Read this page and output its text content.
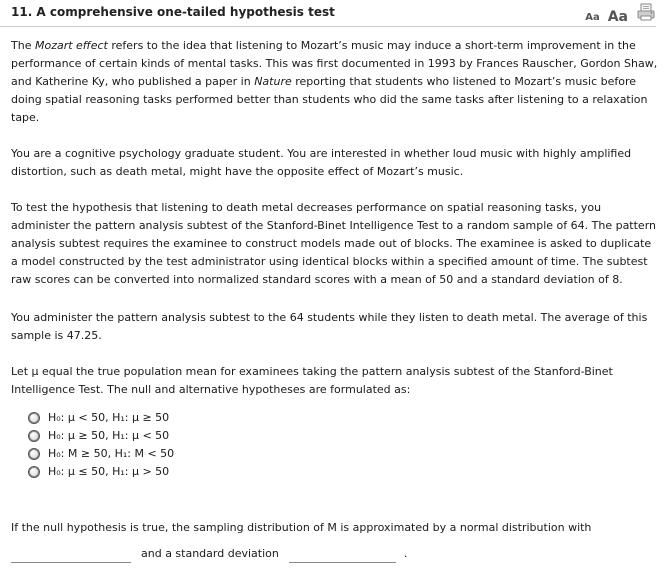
11. A comprehensive one-tailed hypothesis test	Aa Aa

The Mozart effect refers to the idea that listening to Mozart’s music may induce a short-term improvement in the performance of certain kinds of mental tasks. This was first documented in 1993 by Frances Rauscher, Gordon Shaw, and Katherine Ky, who published a paper in Nature reporting that students who listened to Mozart’s music before doing spatial reasoning tasks performed better than students who did the same tasks after listening to a relaxation tape.

You are a cognitive psychology graduate student. You are interested in whether loud music with highly amplified distortion, such as death metal, might have the opposite effect of Mozart’s music.

To test the hypothesis that listening to death metal decreases performance on spatial reasoning tasks, you administer the pattern analysis subtest of the Stanford-Binet Intelligence Test to a random sample of 64. The pattern analysis subtest requires the examinee to construct models made out of blocks. The examinee is asked to duplicate a model constructed by the test administrator using identical blocks within a specified amount of time. The subtest raw scores can be converted into normalized standard scores with a mean of 50 and a standard deviation of 8.

You administer the pattern analysis subtest to the 64 students while they listen to death metal. The average of this sample is 47.25.

Let μ equal the true population mean for examinees taking the pattern analysis subtest of the Stanford-Binet Intelligence Test. The null and alternative hypotheses are formulated as:

H₀: μ < 50, H₁: μ ≥ 50
H₀: μ ≥ 50, H₁: μ < 50
H₀: M ≥ 50, H₁: M < 50
H₀: μ ≤ 50, H₁: μ > 50

If the null hypothesis is true, the sampling distribution of M is approximated by a normal distribution with

and a standard deviation	.
